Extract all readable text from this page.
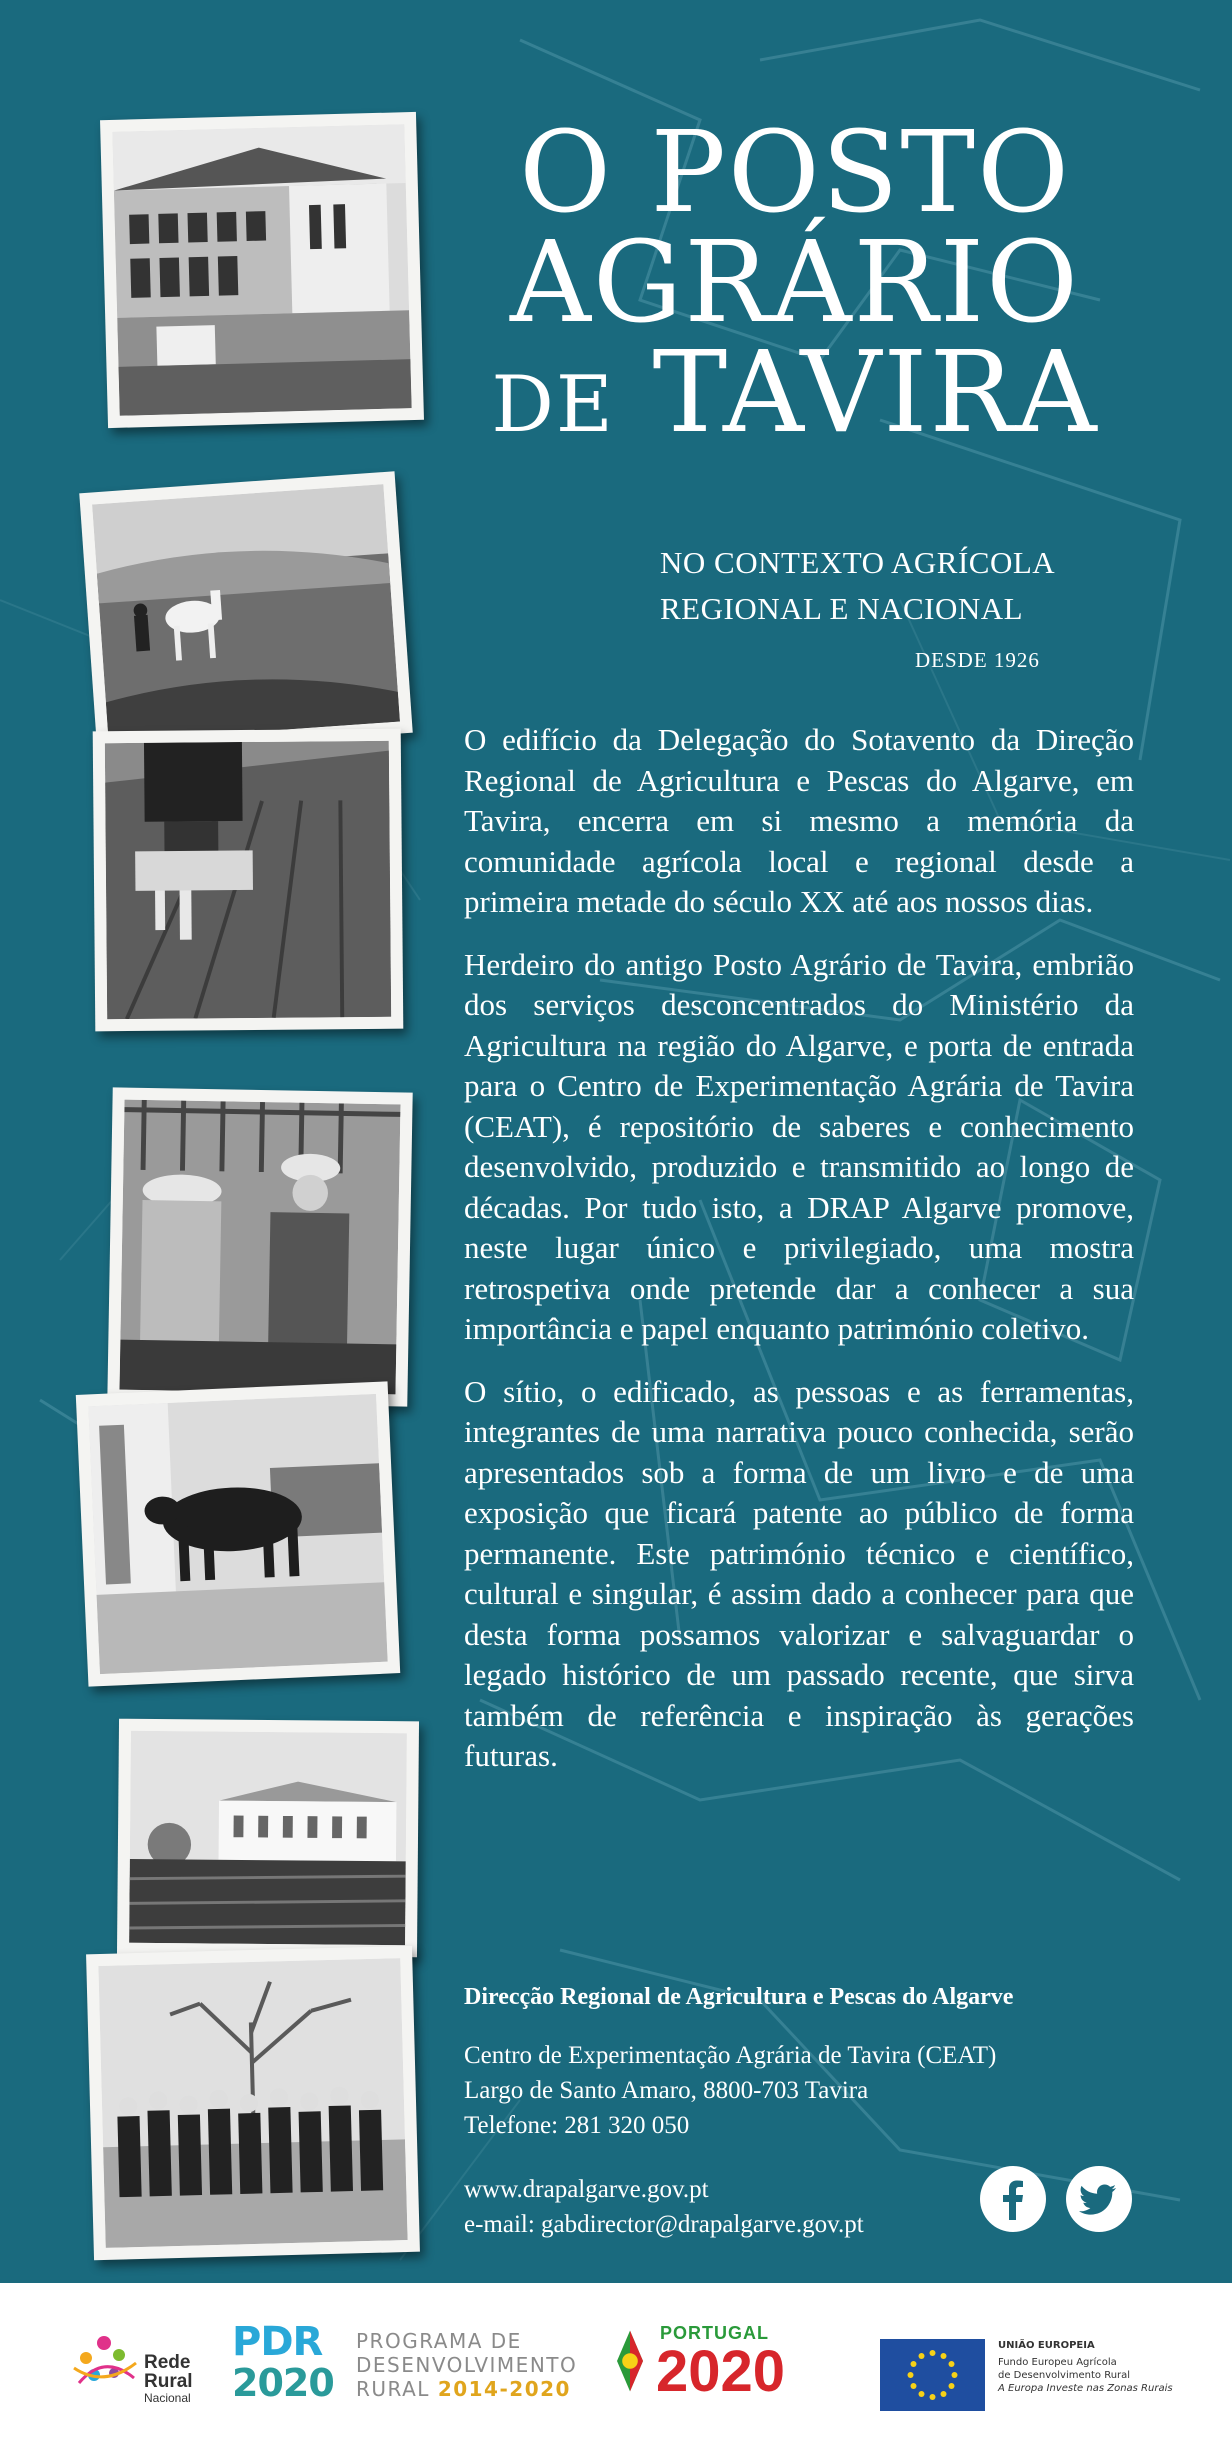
O POSTO
AGRÁRIO
DE TAVIRA
NO CONTEXTO AGRÍCOLA
REGIONAL E NACIONAL
DESDE 1926

O edifício da Delegação do Sotavento da Direção Regional de Agricultura e Pescas do Algarve, em Tavira, encerra em si mesmo a memória da comunidade agrícola local e regional desde a primeira metade do século XX até aos nossos dias.

Herdeiro do antigo Posto Agrário de Tavira, embrião dos serviços desconcentrados do Ministério da Agricultura na região do Algarve, e porta de entrada para o Centro de Experimentação Agrária de Tavira (CEAT), é repositório de saberes e conhecimento desenvolvido, produzido e transmitido ao longo de décadas. Por tudo isto, a DRAP Algarve promove, neste lugar único e privilegiado, uma mostra retrospetiva onde pretende dar a conhecer a sua importância e papel enquanto património coletivo.

O sítio, o edificado, as pessoas e as ferramentas, integrantes de uma narrativa pouco conhecida, serão apresentados sob a forma de um livro e de uma exposição que ficará patente ao público de forma permanente. Este património técnico e científico, cultural e singular, é assim dado a conhecer para que desta forma possamos valorizar e salvaguardar o legado histórico de um passado recente, que sirva também de referência e inspiração às gerações futuras.

Direcção Regional de Agricultura e Pescas do Algarve
Centro de Experimentação Agrária de Tavira (CEAT)
Largo de Santo Amaro, 8800-703 Tavira
Telefone: 281 320 050
www.drapalgarve.gov.pt
e-mail: gabdirector@drapalgarve.gov.pt
Rede
Rural
Nacional
PDR
2020
PROGRAMA DE
DESENVOLVIMENTO
RURAL 2014-2020
PORTUGAL
2020	UNIÃO EUROPEIA
Fundo Europeu Agrícola
de Desenvolvimento Rural
A Europa Investe nas Zonas Rurais
